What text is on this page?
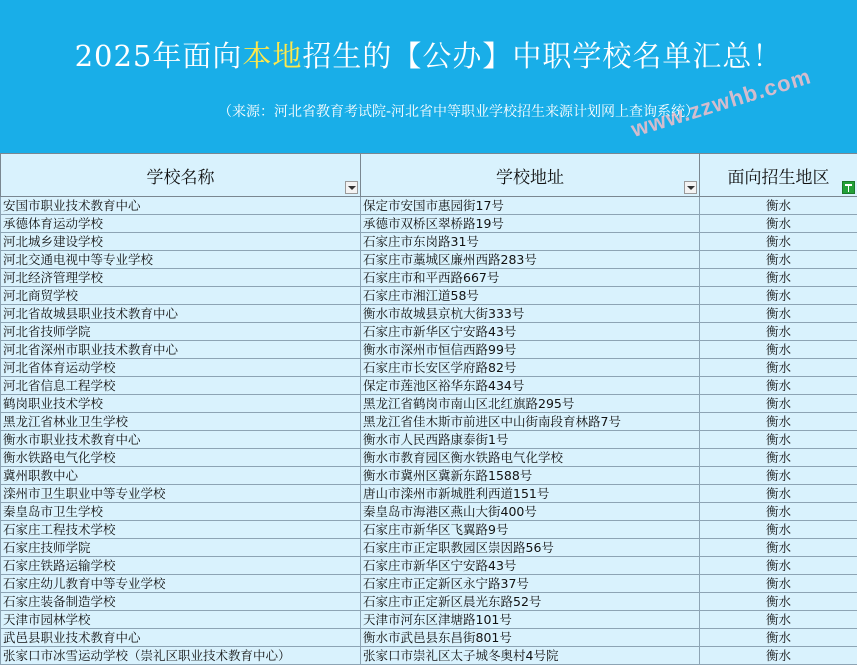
2025年面向本地招生的【公办】中职学校名单汇总！
（来源：河北省教育考试院-河北省中等职业学校招生来源计划网上查询系统）
www.zzwhb.com
学校名称	学校地址	面向招生地区

安国市职业技术教育中心	保定市安国市惠园街17号	衡水
承德体育运动学校	承德市双桥区翠桥路19号	衡水
河北城乡建设学校	石家庄市东岗路31号	衡水
河北交通电视中等专业学校	石家庄市藁城区廉州西路283号	衡水
河北经济管理学校	石家庄市和平西路667号	衡水
河北商贸学校	石家庄市湘江道58号	衡水
河北省故城县职业技术教育中心	衡水市故城县京杭大街333号	衡水
河北省技师学院	石家庄市新华区宁安路43号	衡水
河北省深州市职业技术教育中心	衡水市深州市恒信西路99号	衡水
河北省体育运动学校	石家庄市长安区学府路82号	衡水
河北省信息工程学校	保定市莲池区裕华东路434号	衡水
鹤岗职业技术学校	黑龙江省鹤岗市南山区北红旗路295号	衡水
黑龙江省林业卫生学校	黑龙江省佳木斯市前进区中山街南段育林路7号	衡水
衡水市职业技术教育中心	衡水市人民西路康泰街1号	衡水
衡水铁路电气化学校	衡水市教育园区衡水铁路电气化学校	衡水
冀州职教中心	衡水市冀州区冀新东路1588号	衡水
滦州市卫生职业中等专业学校	唐山市滦州市新城胜利西道151号	衡水
秦皇岛市卫生学校	秦皇岛市海港区燕山大街400号	衡水
石家庄工程技术学校	石家庄市新华区飞翼路9号	衡水
石家庄技师学院	石家庄市正定职教园区崇因路56号	衡水
石家庄铁路运输学校	石家庄市新华区宁安路43号	衡水
石家庄幼儿教育中等专业学校	石家庄市正定新区永宁路37号	衡水
石家庄装备制造学校	石家庄市正定新区晨光东路52号	衡水
天津市园林学校	天津市河东区津塘路101号	衡水
武邑县职业技术教育中心	衡水市武邑县东昌街801号	衡水
张家口市冰雪运动学校（崇礼区职业技术教育中心）	张家口市崇礼区太子城冬奥村4号院	衡水
